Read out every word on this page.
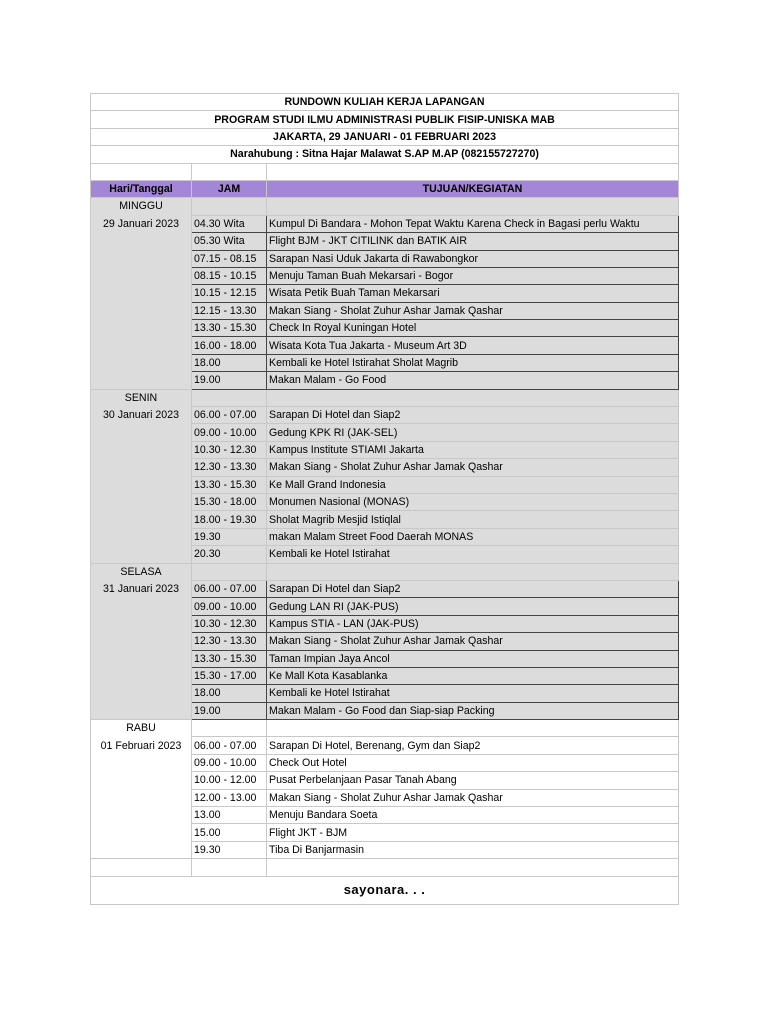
RUNDOWN KULIAH KERJA LAPANGAN		
PROGRAM STUDI ILMU ADMINISTRASI PUBLIK FISIP-UNISKA MAB		
JAKARTA, 29 JANUARI - 01 FEBRUARI 2023		
Narahubung : Sitna Hajar Malawat S.AP M.AP (082155727270)		

Hari/Tanggal	JAM	TUJUAN/KEGIATAN

MINGGU
29 Januari 2023		

	04.30 Wita	Kumpul Di Bandara - Mohon Tepat Waktu Karena Check in Bagasi perlu Waktu
	05.30 Wita	Flight BJM - JKT CITILINK dan BATIK AIR
	07.15 - 08.15	Sarapan Nasi Uduk Jakarta di Rawabongkor
	08.15 - 10.15	Menuju Taman Buah Mekarsari - Bogor
	10.15 - 12.15	Wisata Petik Buah Taman Mekarsari
	12.15 - 13.30	Makan Siang - Sholat Zuhur Ashar Jamak Qashar
	13.30 - 15.30	Check In Royal Kuningan Hotel
	16.00 - 18.00	Wisata Kota Tua Jakarta - Museum Art 3D
	18.00	Kembali ke Hotel Istirahat Sholat Magrib
	19.00	Makan Malam - Go Food

SENIN
30 Januari 2023		

	06.00 - 07.00	Sarapan Di Hotel dan Siap2
	09.00 - 10.00	Gedung KPK RI (JAK-SEL)
	10.30 - 12.30	Kampus Institute STIAMI Jakarta
	12.30 - 13.30	Makan Siang - Sholat Zuhur Ashar Jamak Qashar
	13.30 - 15.30	Ke Mall Grand Indonesia
	15.30 - 18.00	Monumen Nasional (MONAS)
	18.00 - 19.30	Sholat Magrib Mesjid Istiqlal
	19.30	makan Malam Street Food Daerah MONAS
	20.30	Kembali ke Hotel Istirahat

SELASA
31 Januari 2023		

	06.00 - 07.00	Sarapan Di Hotel dan Siap2
	09.00 - 10.00	Gedung LAN RI (JAK-PUS)
	10.30 - 12.30	Kampus STIA - LAN (JAK-PUS)
	12.30 - 13.30	Makan Siang - Sholat Zuhur Ashar Jamak Qashar
	13.30 - 15.30	Taman Impian Jaya Ancol
	15.30 - 17.00	Ke Mall Kota Kasablanka
	18.00	Kembali ke Hotel Istirahat
	19.00	Makan Malam - Go Food dan Siap-siap Packing

RABU
01 Februari 2023		

	06.00 - 07.00	Sarapan Di Hotel, Berenang, Gym dan Siap2
	09.00 - 10.00	Check Out Hotel
	10.00 - 12.00	Pusat Perbelanjaan Pasar Tanah Abang
	12.00 - 13.00	Makan Siang - Sholat Zuhur Ashar Jamak Qashar
	13.00	Menuju Bandara Soeta
	15.00	Flight JKT - BJM
	19.30	Tiba Di Banjarmasin

sayonara. . .		
